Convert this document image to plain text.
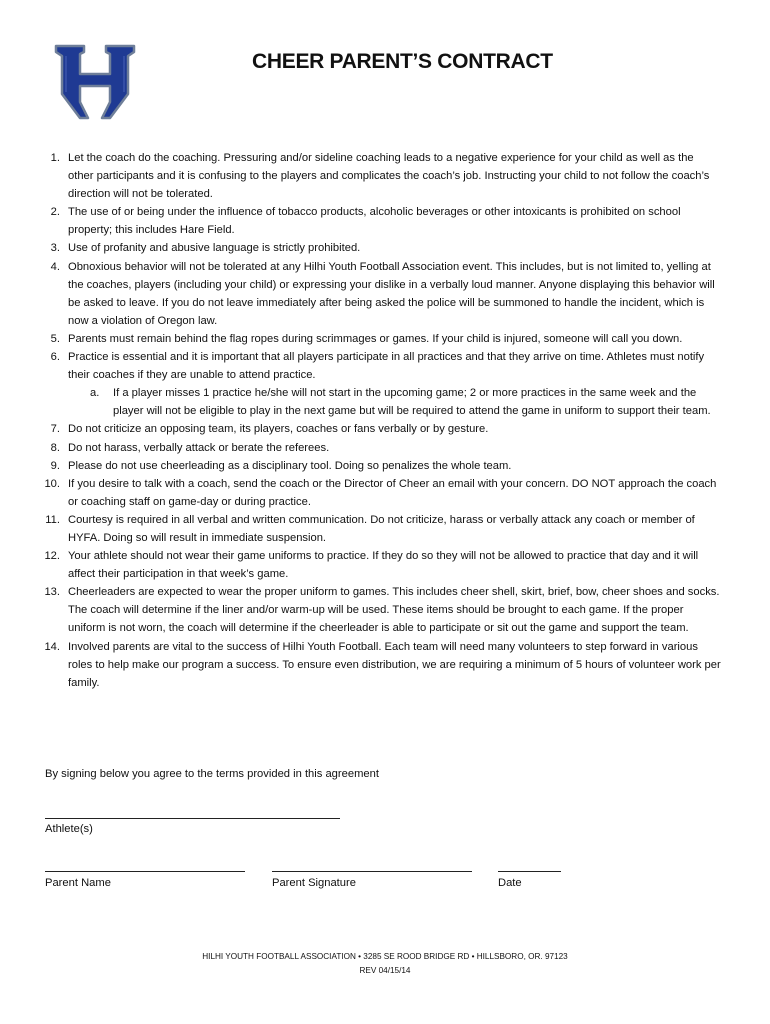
CHEER PARENT’S CONTRACT
1. Let the coach do the coaching. Pressuring and/or sideline coaching leads to a negative experience for your child as well as the other participants and it is confusing to the players and complicates the coach’s job. Instructing your child to not follow the coach’s direction will not be tolerated.
2. The use of or being under the influence of tobacco products, alcoholic beverages or other intoxicants is prohibited on school property; this includes Hare Field.
3. Use of profanity and abusive language is strictly prohibited.
4. Obnoxious behavior will not be tolerated at any Hilhi Youth Football Association event. This includes, but is not limited to, yelling at the coaches, players (including your child) or expressing your dislike in a verbally loud manner. Anyone displaying this behavior will be asked to leave. If you do not leave immediately after being asked the police will be summoned to handle the incident, which is now a violation of Oregon law.
5. Parents must remain behind the flag ropes during scrimmages or games. If your child is injured, someone will call you down.
6. Practice is essential and it is important that all players participate in all practices and that they arrive on time. Athletes must notify their coaches if they are unable to attend practice.
a. If a player misses 1 practice he/she will not start in the upcoming game; 2 or more practices in the same week and the player will not be eligible to play in the next game but will be required to attend the game in uniform to support their team.
7. Do not criticize an opposing team, its players, coaches or fans verbally or by gesture.
8. Do not harass, verbally attack or berate the referees.
9. Please do not use cheerleading as a disciplinary tool. Doing so penalizes the whole team.
10. If you desire to talk with a coach, send the coach or the Director of Cheer an email with your concern. DO NOT approach the coach or coaching staff on game-day or during practice.
11. Courtesy is required in all verbal and written communication. Do not criticize, harass or verbally attack any coach or member of HYFA. Doing so will result in immediate suspension.
12. Your athlete should not wear their game uniforms to practice. If they do so they will not be allowed to practice that day and it will affect their participation in that week’s game.
13. Cheerleaders are expected to wear the proper uniform to games. This includes cheer shell, skirt, brief, bow, cheer shoes and socks. The coach will determine if the liner and/or warm-up will be used. These items should be brought to each game. If the proper uniform is not worn, the coach will determine if the cheerleader is able to participate or sit out the game and support the team.
14. Involved parents are vital to the success of Hilhi Youth Football. Each team will need many volunteers to step forward in various roles to help make our program a success. To ensure even distribution, we are requiring a minimum of 5 hours of volunteer work per family.
By signing below you agree to the terms provided in this agreement
Athlete(s)
Parent Name	Parent Signature	Date
HILHI YOUTH FOOTBALL ASSOCIATION • 3285 SE ROOD BRIDGE RD • HILLSBORO, OR. 97123
REV 04/15/14
